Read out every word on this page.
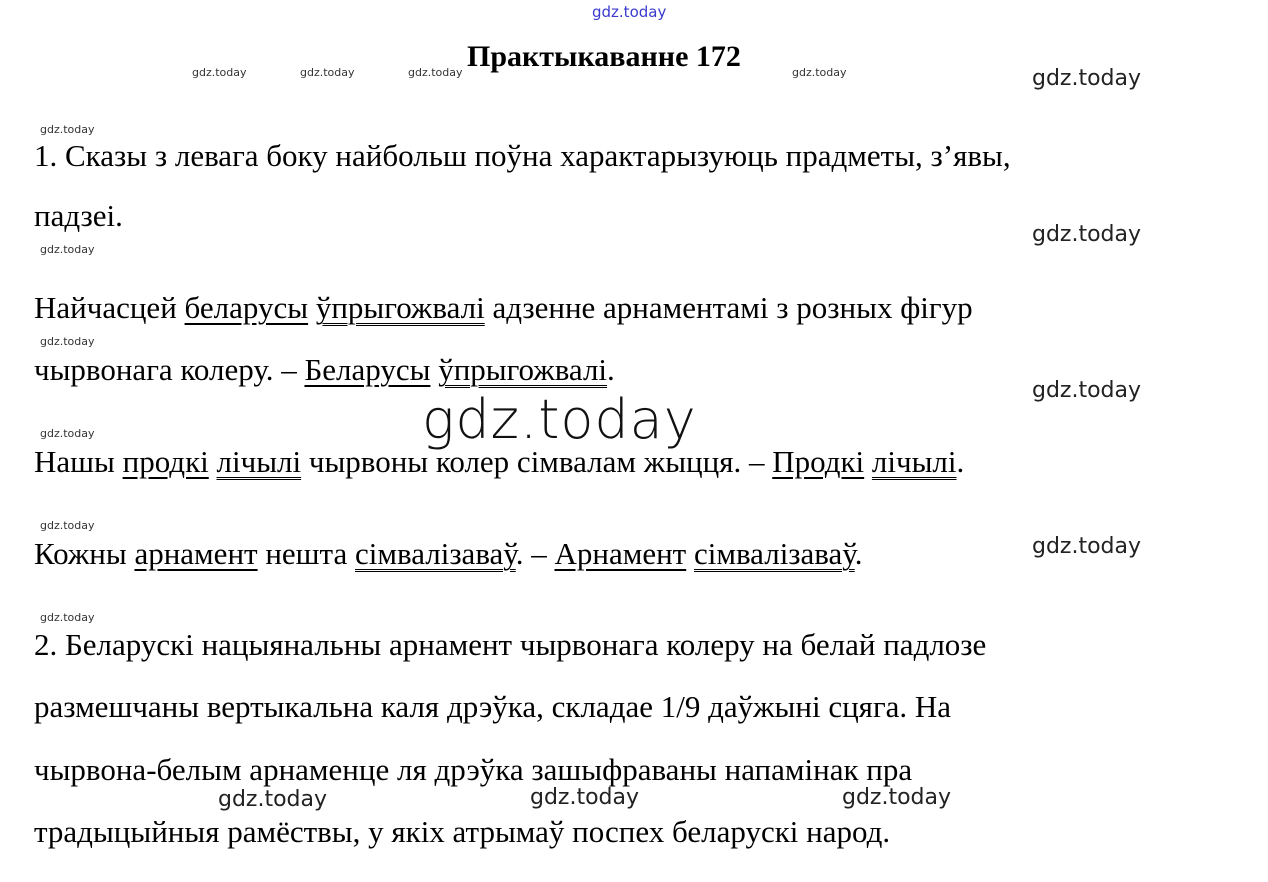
gdz.today
gdz.today	gdz.today	gdz.today	gdz.today	gdz.today
gdz.today
gdz.today
gdz.today
gdz.today
gdz.today
gdz.today
gdz.today
gdz.today
gdz.today
gdz.today
gdz.today	gdz.today	gdz.today
Практыкаванне 172
1. Сказы з левага боку найбольш поўна характарызуюць прадметы, з’явы,
падзеі.
Найчасцей беларусы ўпрыгожвалі адзенне арнаментамі з розных фігур
чырвонага колеру. – Беларусы ўпрыгожвалі.
Нашы продкі лічылі чырвоны колер сімвалам жыцця. – Продкі лічылі.
Кожны арнамент нешта сімвалізаваў. – Арнамент сімвалізаваў.
2. Беларускі нацыянальны арнамент чырвонага колеру на белай падлозе
размешчаны вертыкальна каля дрэўка, складае 1/9 даўжыні сцяга. На
чырвона-белым арнаменце ля дрэўка зашыфраваны напамінак пра
традыцыйныя рамёствы, у якіх атрымаў поспех беларускі народ.
